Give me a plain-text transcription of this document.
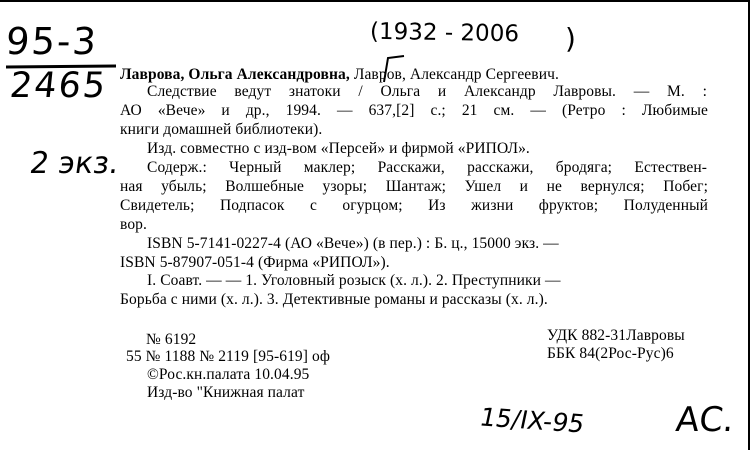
95-3
2465
(1932 - 2006 )
2 экз.
Лаврова, Ольга Александровна, Лавров, Александр Сергеевич.
Следствие ведут знатоки / Ольга и Александр Лавровы. — М. :
АО «Вече» и др., 1994. — 637,[2] с.; 21 см. — (Ретро : Любимые
книги домашней библиотеки).
Изд. совместно с изд-вом «Персей» и фирмой «РИПОЛ».
Содерж.: Черный маклер; Расскажи, расскажи, бродяга; Естествен-
ная убыль; Волшебные узоры; Шантаж; Ушел и не вернулся; Побег;
Свидетель; Подпасок с огурцом; Из жизни фруктов; Полуденный
вор.
ISBN 5-7141-0227-4 (АО «Вече») (в пер.) : Б. ц., 15000 экз. —
ISBN 5-87907-051-4 (Фирма «РИПОЛ»).
I. Соавт. — — 1. Уголовный розыск (х. л.). 2. Преступники —
Борьба с ними (х. л.). 3. Детективные романы и рассказы (х. л.).
№ 6192
55 № 1188 № 2119 [95-619] оф
©Рос.кн.палата 10.04.95
Изд-во "Книжная палат
УДК 882-31Лавровы
ББК 84(2Рос-Рус)6
15/IX-95	АС.
